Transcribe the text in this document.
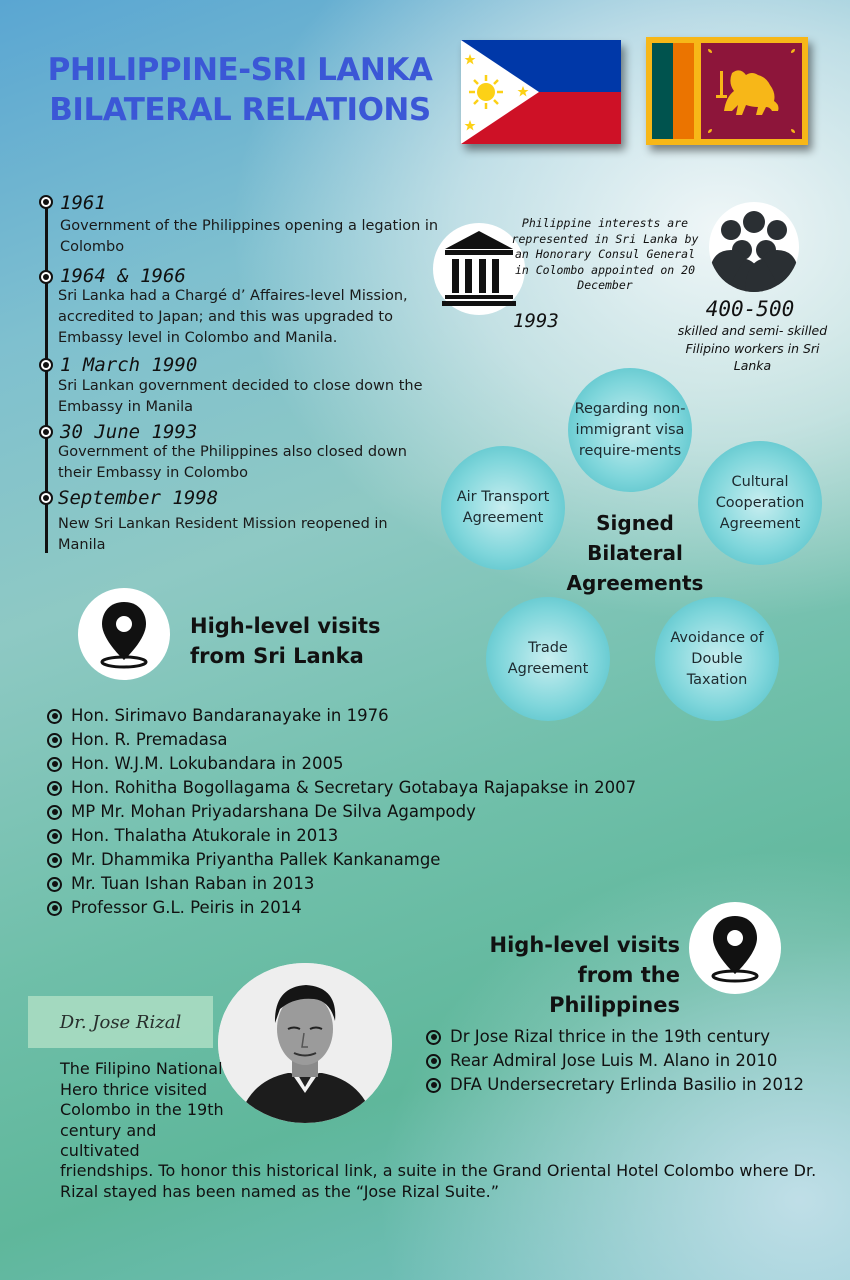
PHILIPPINE-SRI LANKA
BILATERAL RELATIONS
1961
Government of the Philippines opening a legation in Colombo
1964 & 1966
Sri Lanka had a Chargé d’ Affaires-level Mission, accredited to Japan; and this was upgraded to Embassy level in Colombo and Manila.
1 March 1990
Sri Lankan government decided to close down the Embassy in Manila
30 June 1993
Government of the Philippines also closed down their Embassy in Colombo
September 1998
New Sri Lankan Resident Mission reopened in Manila
Philippine interests are represented in Sri Lanka by an Honorary Consul General in Colombo appointed on 20 December
1993	400-500
skilled and semi- skilled Filipino workers in Sri Lanka
Regarding non-immigrant visa require-ments
Cultural Cooperation Agreement
Avoidance of Double Taxation
Trade Agreement
Air Transport Agreement	Signed Bilateral Agreements
High-level visits from Sri Lanka
Hon. Sirimavo Bandaranayake in 1976
Hon. R. Premadasa
Hon. W.J.M. Lokubandara in 2005
Hon. Rohitha Bogollagama & Secretary Gotabaya Rajapakse in 2007
MP Mr. Mohan Priyadarshana De Silva Agampody
Hon. Thalatha Atukorale in 2013
Mr. Dhammika Priyantha Pallek Kankanamge
Mr. Tuan Ishan Raban in 2013
Professor G.L. Peiris in 2014
High-level visits from the Philippines
Dr Jose Rizal thrice in the 19th century
Rear Admiral Jose Luis M. Alano in 2010
DFA Undersecretary Erlinda Basilio in 2012
Dr. Jose Rizal
The Filipino National Hero thrice visited Colombo in the 19th century and cultivated
friendships. To honor this historical link, a suite in the Grand Oriental Hotel Colombo where Dr. Rizal stayed has been named as the “Jose Rizal Suite.”
